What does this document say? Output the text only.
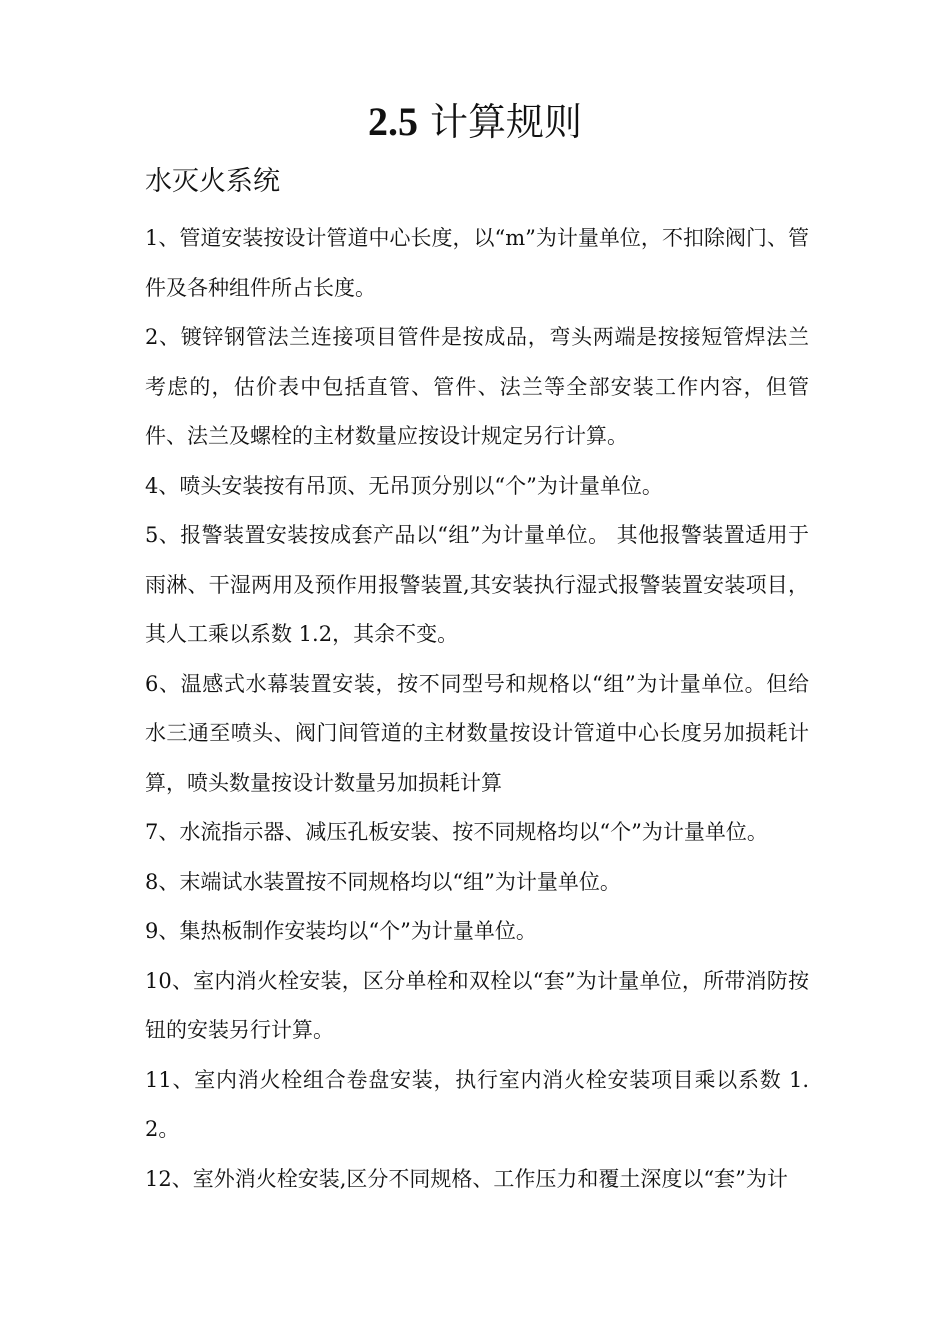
2.5 计算规则
水灭火系统

1、管道安装按设计管道中心长度，以“m”为计量单位，不扣除阀门、管件及各种组件所占长度。

2、镀锌钢管法兰连接项目管件是按成品，弯头两端是按接短管焊法兰考虑的，估价表中包括直管、管件、法兰等全部安装工作内容，但管件、法兰及螺栓的主材数量应按设计规定另行计算。

4、喷头安装按有吊顶、无吊顶分别以“个”为计量单位。

5、报警装置安装按成套产品以“组”为计量单位。 其他报警装置适用于雨淋、干湿两用及预作用报警装置,其安装执行湿式报警装置安装项目，其人工乘以系数 1.2，其余不变。

6、温感式水幕装置安装，按不同型号和规格以“组”为计量单位。但给水三通至喷头、阀门间管道的主材数量按设计管道中心长度另加损耗计算，喷头数量按设计数量另加损耗计算

7、水流指示器、减压孔板安装、按不同规格均以“个”为计量单位。

8、末端试水装置按不同规格均以“组”为计量单位。

9、集热板制作安装均以“个”为计量单位。

10、室内消火栓安装，区分单栓和双栓以“套”为计量单位，所带消防按钮的安装另行计算。

11、室内消火栓组合卷盘安装，执行室内消火栓安装项目乘以系数 1.2。

12、室外消火栓安装,区分不同规格、工作压力和覆土深度以“套”为计
